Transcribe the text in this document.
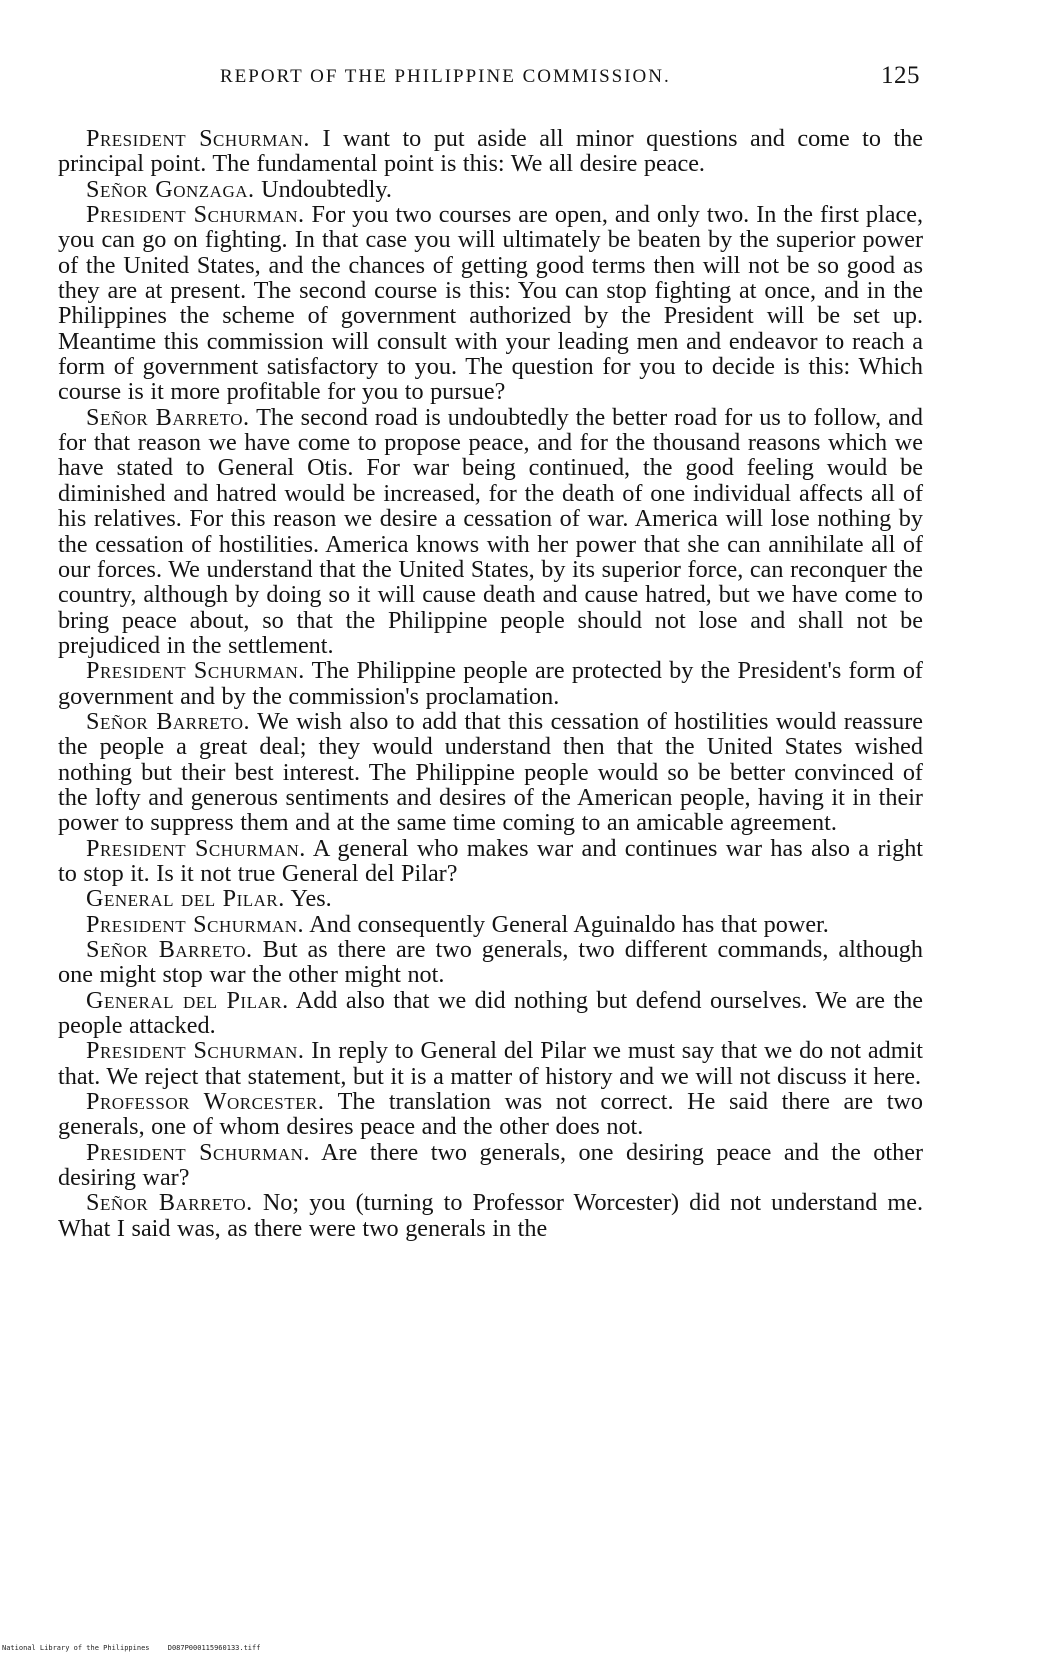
REPORT OF THE PHILIPPINE COMMISSION.	125

President Schurman. I want to put aside all minor questions and come to the principal point. The fundamental point is this: We all desire peace.

Señor Gonzaga. Undoubtedly.

President Schurman. For you two courses are open, and only two. In the first place, you can go on fighting. In that case you will ultimately be beaten by the superior power of the United States, and the chances of getting good terms then will not be so good as they are at present. The second course is this: You can stop fighting at once, and in the Philippines the scheme of government authorized by the President will be set up. Meantime this commission will consult with your leading men and endeavor to reach a form of government satisfactory to you. The question for you to decide is this: Which course is it more profitable for you to pursue?

Señor Barreto. The second road is undoubtedly the better road for us to follow, and for that reason we have come to propose peace, and for the thousand reasons which we have stated to General Otis. For war being continued, the good feeling would be diminished and hatred would be increased, for the death of one individual affects all of his relatives. For this reason we desire a cessation of war. America will lose nothing by the cessation of hostilities. America knows with her power that she can annihilate all of our forces. We understand that the United States, by its superior force, can reconquer the country, although by doing so it will cause death and cause hatred, but we have come to bring peace about, so that the Philippine people should not lose and shall not be prejudiced in the settlement.

President Schurman. The Philippine people are protected by the President's form of government and by the commission's proclamation.

Señor Barreto. We wish also to add that this cessation of hostilities would reassure the people a great deal; they would understand then that the United States wished nothing but their best interest. The Philippine people would so be better convinced of the lofty and generous sentiments and desires of the American people, having it in their power to suppress them and at the same time coming to an amicable agreement.

President Schurman. A general who makes war and continues war has also a right to stop it. Is it not true General del Pilar?

General del Pilar. Yes.

President Schurman. And consequently General Aguinaldo has that power.

Señor Barreto. But as there are two generals, two different commands, although one might stop war the other might not.

General del Pilar. Add also that we did nothing but defend ourselves. We are the people attacked.

President Schurman. In reply to General del Pilar we must say that we do not admit that. We reject that statement, but it is a matter of history and we will not discuss it here.

Professor Worcester. The translation was not correct. He said there are two generals, one of whom desires peace and the other does not.

President Schurman. Are there two generals, one desiring peace and the other desiring war?

Señor Barreto. No; you (turning to Professor Worcester) did not understand me. What I said was, as there were two generals in the

National Library of the Philippines	D087P000115960133.tiff
